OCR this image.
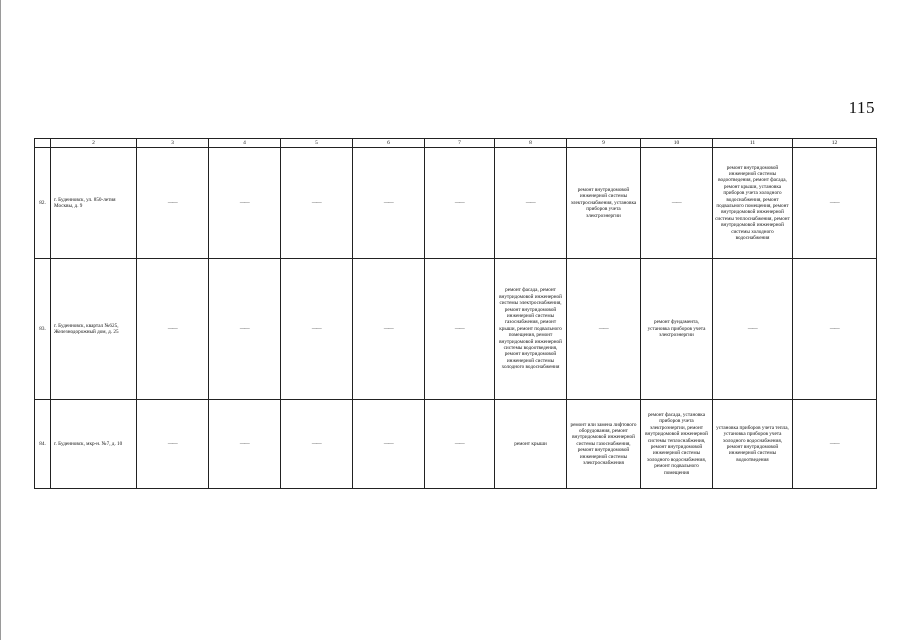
115
	2	3	4	5	6	7	8	9	10	11	12
82.	г. Буденновск, ул. 850-летия Москвы, д. 9	——	——	——	——	——	——	ремонт внутридомовой инженерной системы электроснабжения, установка приборов учета электроэнергии	——	ремонт внутридомовой инженерной системы водоотведения, ремонт фасада, ремонт крыши, установка приборов учета холодного водоснабжения, ремонт подвального помещения, ремонт внутридомовой инженерной системы теплоснабжения, ремонт внутридомовой инженерной системы холодного водоснабжения	——
83.	г. Буденновск, квартал №625, Железнодорожный дом, д. 25	——	——	——	——	——	ремонт фасада, ремонт внутридомовой инженерной системы электроснабжения, ремонт внутридомовой инженерной системы газоснабжения, ремонт крыши, ремонт подвального помещения, ремонт внутридомовой инженерной системы водоотведения, ремонт внутридомовой инженерной системы холодного водоснабжения	——	ремонт фундамента, установка приборов учета электроэнергии	——	——
84.	г. Буденновск, мкр-н. №7, д. 10	——	——	——	——	——	ремонт крыши	ремонт или замена лифтового оборудования, ремонт внутридомовой инженерной системы газоснабжения, ремонт внутридомовой инженерной системы электроснабжения	ремонт фасада, установка приборов учета электроэнергии, ремонт внутридомовой инженерной системы теплоснабжения, ремонт внутридомовой инженерной системы холодного водоснабжения, ремонт подвального помещения	установка приборов учета тепла, установка приборов учета холодного водоснабжения, ремонт внутридомовой инженерной системы водоотведения	——
